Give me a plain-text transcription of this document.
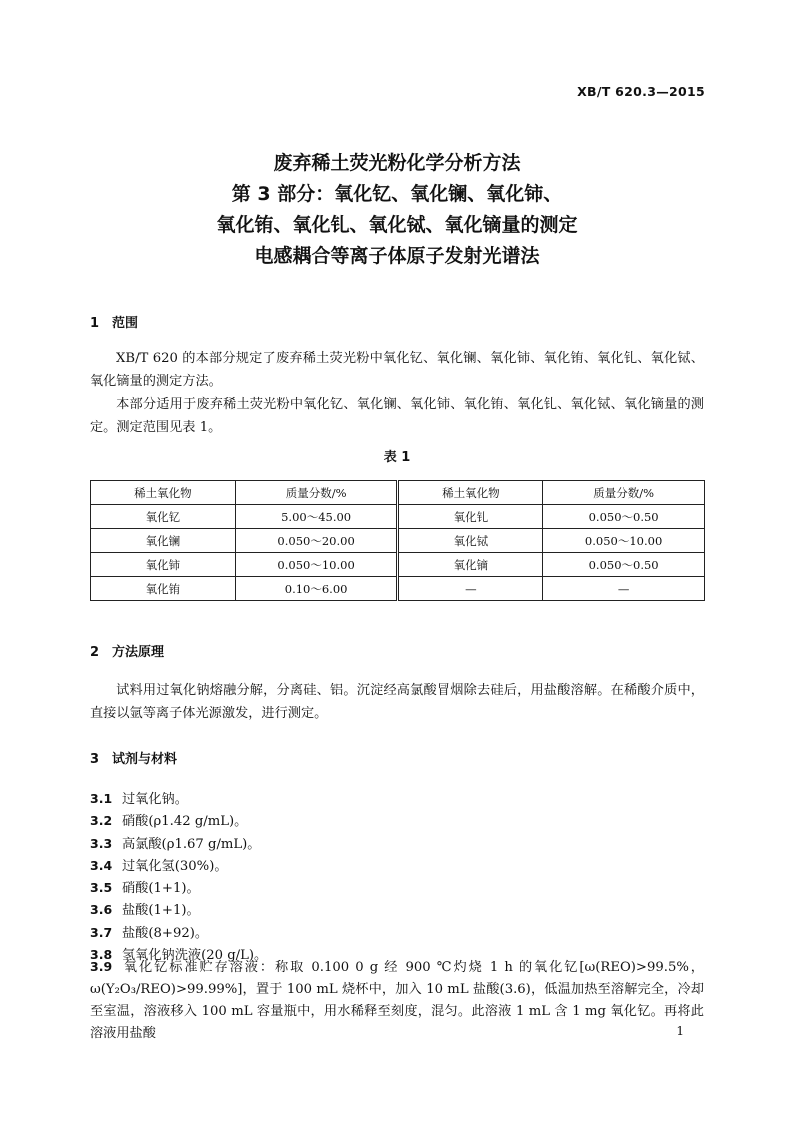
XB/T 620.3—2015
废弃稀土荧光粉化学分析方法
第 3 部分：氧化钇、氧化镧、氧化铈、
氧化铕、氧化钆、氧化铽、氧化镝量的测定
电感耦合等离子体原子发射光谱法
1 范围
XB/T 620 的本部分规定了废弃稀土荧光粉中氧化钇、氧化镧、氧化铈、氧化铕、氧化钆、氧化铽、氧化镝量的测定方法。
本部分适用于废弃稀土荧光粉中氧化钇、氧化镧、氧化铈、氧化铕、氧化钆、氧化铽、氧化镝量的测定。测定范围见表 1。
表 1
稀土氧化物	质量分数/%	稀土氧化物	质量分数/%
氧化钇	5.00～45.00	氧化钆	0.050～0.50
氧化镧	0.050～20.00	氧化铽	0.050～10.00
氧化铈	0.050～10.00	氧化镝	0.050～0.50
氧化铕	0.10～6.00	—	—
2 方法原理
试料用过氧化钠熔融分解，分离硅、铝。沉淀经高氯酸冒烟除去硅后，用盐酸溶解。在稀酸介质中，直接以氩等离子体光源激发，进行测定。
3 试剂与材料
3.1 过氧化钠。
3.2 硝酸(ρ1.42 g/mL)。
3.3 高氯酸(ρ1.67 g/mL)。
3.4 过氧化氢(30%)。
3.5 硝酸(1+1)。
3.6 盐酸(1+1)。
3.7 盐酸(8+92)。
3.8 氢氧化钠洗液(20 g/L)。
3.9 氧化钇标准贮存溶液：称取 0.100 0 g 经 900 ℃灼烧 1 h 的氧化钇[ω(REO)>99.5%，ω(Y₂O₃/REO)>99.99%]，置于 100 mL 烧杯中，加入 10 mL 盐酸(3.6)，低温加热至溶解完全，冷却至室温，溶液移入 100 mL 容量瓶中，用水稀释至刻度，混匀。此溶液 1 mL 含 1 mg 氧化钇。再将此溶液用盐酸	1
